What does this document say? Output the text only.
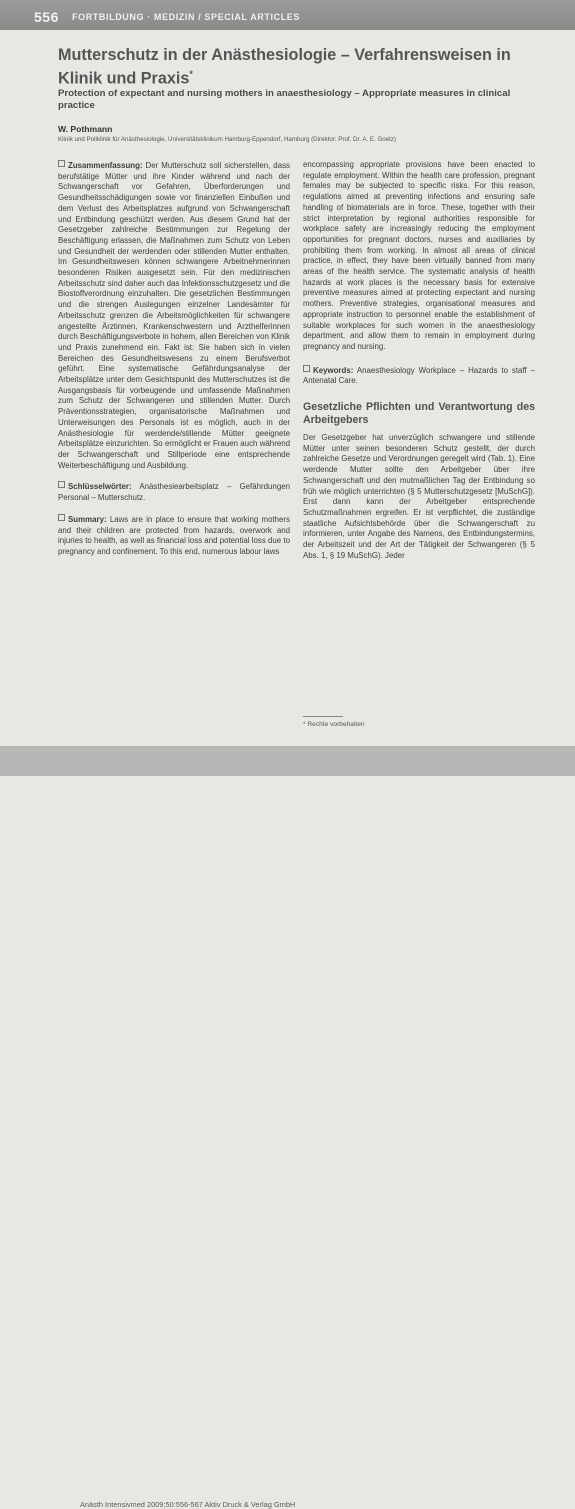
556 FORTBILDUNG · MEDIZIN / SPECIAL ARTICLES
Mutterschutz in der Anästhesiologie – Verfahrensweisen in Klinik und Praxis*
Protection of expectant and nursing mothers in anaesthesiology – Appropriate measures in clinical practice
W. Pothmann
Klinik und Poliklinik für Anästhesiologie, Universitätsklinikum Hamburg-Eppendorf, Hamburg (Direktor: Prof. Dr. A. E. Goetz)

Zusammenfassung: Der Mutterschutz soll sicherstellen, dass berufstätige Mütter und ihre Kinder während und nach der Schwangerschaft vor Gefahren, Überforderungen und Gesundheitsschädigungen sowie vor finanziellen Einbußen und dem Verlust des Arbeitsplatzes aufgrund von Schwangerschaft und Entbindung geschützt werden. Aus diesem Grund hat der Gesetzgeber zahlreiche Bestimmungen zur Regelung der Beschäftigung erlassen, die Maßnahmen zum Schutz von Leben und Gesundheit der werdenden oder stillenden Mutter enthalten. Im Gesundheitswesen können schwangere Arbeitnehmerinnen besonderen Risiken ausgesetzt sein. Für den medizinischen Arbeitsschutz sind daher auch das Infektionsschutzgesetz und die Biostoffverordnung einzuhalten. Die gesetzlichen Bestimmungen und die strengen Auslegungen einzelner Landesämter für Arbeitsschutz grenzen die Arbeitsmöglichkeiten für schwangere angestellte Ärztinnen, Krankenschwestern und Arzthelferinnen durch Beschäftigungsverbote in hohem, allen Bereichen von Klinik und Praxis zunehmend ein. Fakt ist: Sie haben sich in vielen Bereichen des Gesundheitswesens zu einem Berufsverbot geführt. Eine systematische Gefährdungsanalyse der Arbeitsplätze unter dem Gesichtspunkt des Mutterschutzes ist die Ausgangsbasis für vorbeugende und umfassende Maßnahmen zum Schutz der Schwangeren und stillenden Mutter. Durch Präventionsstrategien, organisatorische Maßnahmen und Unterweisungen des Personals ist es möglich, auch in der Anästhesiologie für werdende/stillende Mütter geeignete Arbeitsplätze einzurichten. So ermöglicht er Frauen auch während der Schwangerschaft und Stillperiode eine entsprechende Weiterbeschäftigung und Ausbildung.

Schlüsselwörter: Anästhesiearbeitsplatz – Gefährdungen Personal – Mutterschutz.

Summary: Laws are in place to ensure that working mothers and their children are protected from hazards, overwork and injuries to health, as well as financial loss and potential loss due to pregnancy and confinement. To this end, numerous labour laws

encompassing appropriate provisions have been enacted to regulate employment. Within the health care profession, pregnant females may be subjected to specific risks. For this reason, regulations aimed at preventing infections and ensuring safe handling of biomaterials are in force. These, together with their strict interpretation by regional authorities responsible for workplace safety are increasingly reducing the employment opportunities for pregnant doctors, nurses and auxiliaries by prohibiting them from working. In almost all areas of clinical practice, in effect, they have been virtually banned from many areas of the health service. The systematic analysis of health hazards at work places is the necessary basis for extensive preventive measures aimed at protecting expectant and nursing mothers. Preventive strategies, organisational measures and appropriate instruction to personnel enable the establishment of suitable workplaces for such women in the anaesthesiology department, and allow them to remain in employment during pregnancy and nursing.

Keywords: Anaesthesiology Workplace – Hazards to staff – Antenatal Care.

Gesetzliche Pflichten und Verantwortung des Arbeitgebers

Der Gesetzgeber hat unverzüglich schwangere und stillende Mütter unter seinen besonderen Schutz gestellt, der durch zahlreiche Gesetze und Verordnungen geregelt wird (Tab. 1). Eine werdende Mutter sollte den Arbeitgeber über ihre Schwangerschaft und den mutmaßlichen Tag der Entbindung so früh wie möglich unterrichten (§ 5 Mutterschutzgesetz [MuSchG]). Erst dann kann der Arbeitgeber entsprechende Schutzmaßnahmen ergreifen. Er ist verpflichtet, die zuständige staatliche Aufsichtsbehörde über die Schwangerschaft zu informieren, unter Angabe des Namens, des Entbindungstermins, der Arbeitszeit und der Art der Tätigkeit der Schwangeren (§ 5 Abs. 1, § 19 MuSchG). Jeder

* Rechte vorbehalten
Anästh Intensivmed 2009;50:556-567 Aktiv Druck & Verlag GmbH
